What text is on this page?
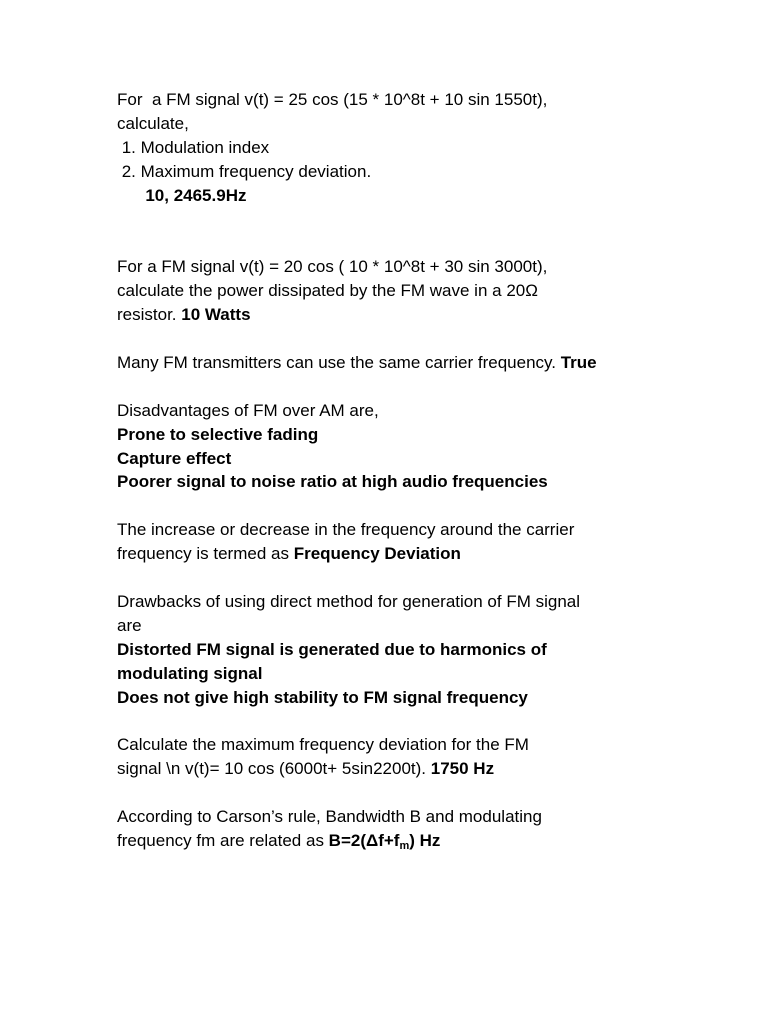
For  a FM signal v(t) = 25 cos (15 * 10^8t + 10 sin 1550t),
calculate,
1. Modulation index
2. Maximum frequency deviation.
10, 2465.9Hz
For a FM signal v(t) = 20 cos ( 10 * 10^8t + 30 sin 3000t),
calculate the power dissipated by the FM wave in a 20Ω
resistor. 10 Watts
Many FM transmitters can use the same carrier frequency. True
Disadvantages of FM over AM are,
Prone to selective fading
Capture effect
Poorer signal to noise ratio at high audio frequencies
The increase or decrease in the frequency around the carrier
frequency is termed as Frequency Deviation
Drawbacks of using direct method for generation of FM signal
are
Distorted FM signal is generated due to harmonics of
modulating signal
Does not give high stability to FM signal frequency
Calculate the maximum frequency deviation for the FM
signal \n v(t)= 10 cos (6000t+ 5sin2200t). 1750 Hz
According to Carson’s rule, Bandwidth B and modulating
frequency fm are related as $B=2(\Delta f+f_m)$ Hz
